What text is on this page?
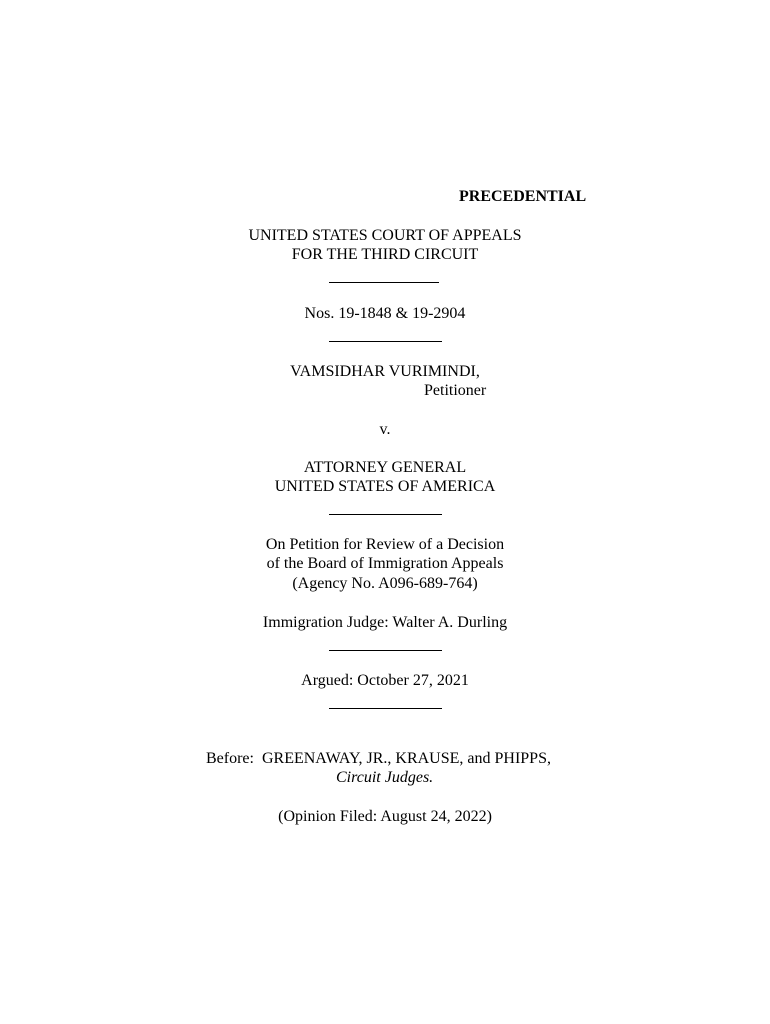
PRECEDENTIAL
UNITED STATES COURT OF APPEALS
FOR THE THIRD CIRCUIT
Nos. 19-1848 & 19-2904
VAMSIDHAR VURIMINDI,
Petitioner
v.
ATTORNEY GENERAL
UNITED STATES OF AMERICA
On Petition for Review of a Decision
of the Board of Immigration Appeals
(Agency No. A096-689-764)
Immigration Judge: Walter A. Durling
Argued: October 27, 2021
Before:  GREENAWAY, JR., KRAUSE, and PHIPPS,
Circuit Judges.
(Opinion Filed: August 24, 2022)
